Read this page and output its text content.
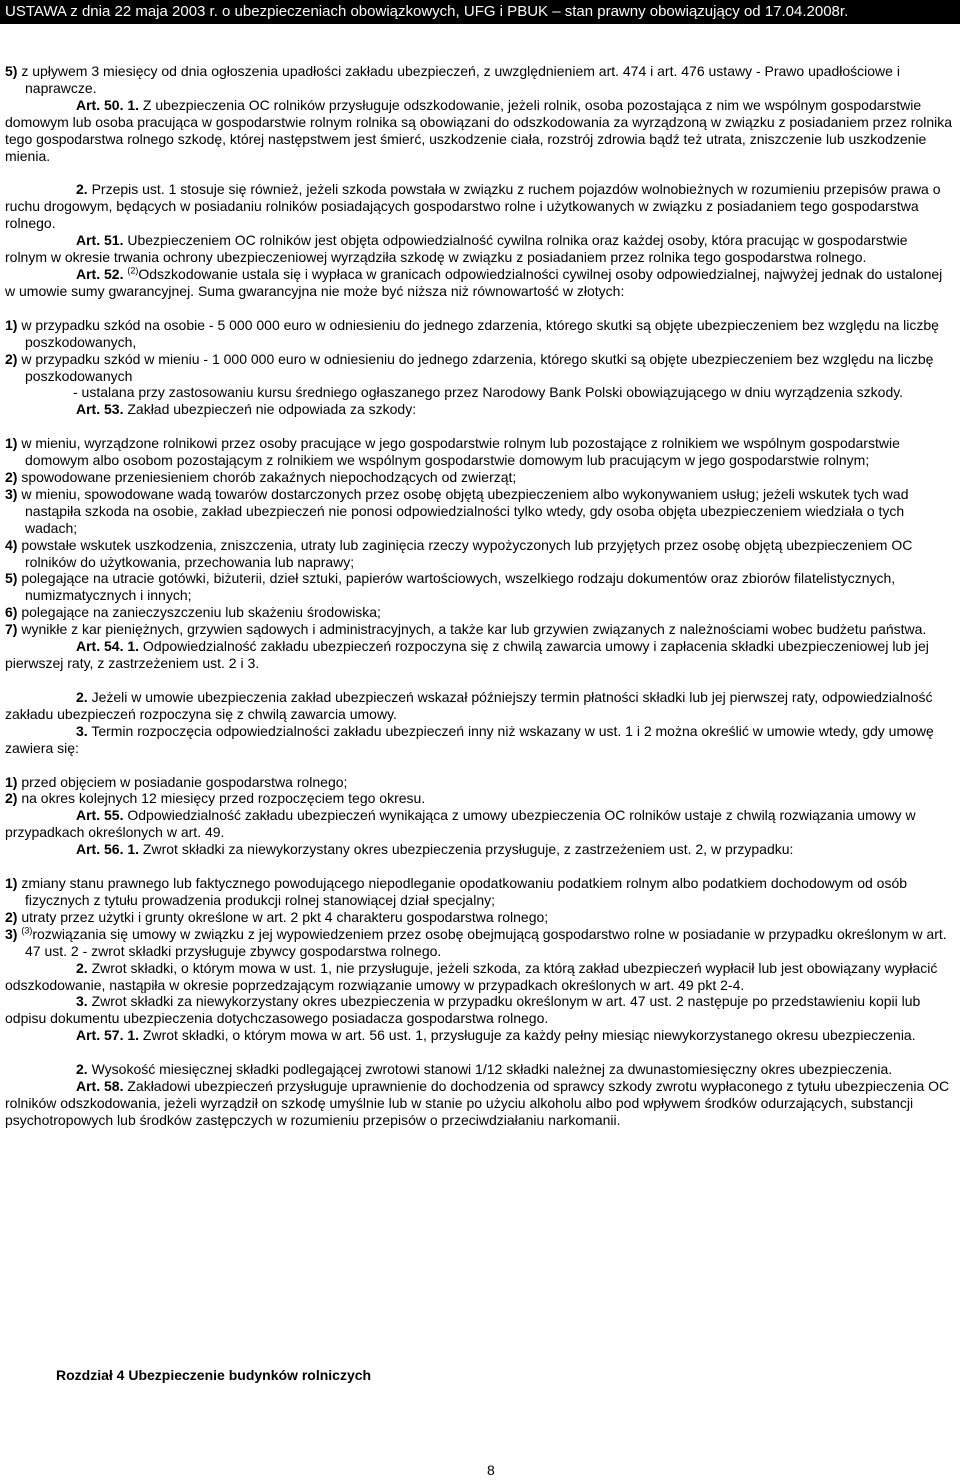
USTAWA z dnia 22 maja 2003 r. o ubezpieczeniach obowiązkowych, UFG i PBUK – stan prawny obowiązujący od 17.04.2008r.

5) z upływem 3 miesięcy od dnia ogłoszenia upadłości zakładu ubezpieczeń, z uwzględnieniem art. 474 i art. 476 ustawy - Prawo upadłościowe i naprawcze.

Art. 50. 1. Z ubezpieczenia OC rolników przysługuje odszkodowanie, jeżeli rolnik, osoba pozostająca z nim we wspólnym gospodarstwie domowym lub osoba pracująca w gospodarstwie rolnym rolnika są obowiązani do odszkodowania za wyrządzoną w związku z posiadaniem przez rolnika tego gospodarstwa rolnego szkodę, której następstwem jest śmierć, uszkodzenie ciała, rozstrój zdrowia bądź też utrata, zniszczenie lub uszkodzenie mienia.

2. Przepis ust. 1 stosuje się również, jeżeli szkoda powstała w związku z ruchem pojazdów wolnobieżnych w rozumieniu przepisów prawa o ruchu drogowym, będących w posiadaniu rolników posiadających gospodarstwo rolne i użytkowanych w związku z posiadaniem tego gospodarstwa rolnego.

Art. 51. Ubezpieczeniem OC rolników jest objęta odpowiedzialność cywilna rolnika oraz każdej osoby, która pracując w gospodarstwie rolnym w okresie trwania ochrony ubezpieczeniowej wyrządziła szkodę w związku z posiadaniem przez rolnika tego gospodarstwa rolnego.

Art. 52. $^{(2)}$Odszkodowanie ustala się i wypłaca w granicach odpowiedzialności cywilnej osoby odpowiedzialnej, najwyżej jednak do ustalonej w umowie sumy gwarancyjnej. Suma gwarancyjna nie może być niższa niż równowartość w złotych:

1) w przypadku szkód na osobie - 5 000 000 euro w odniesieniu do jednego zdarzenia, którego skutki są objęte ubezpieczeniem bez względu na liczbę poszkodowanych,

2) w przypadku szkód w mieniu - 1 000 000 euro w odniesieniu do jednego zdarzenia, którego skutki są objęte ubezpieczeniem bez względu na liczbę poszkodowanych

- ustalana przy zastosowaniu kursu średniego ogłaszanego przez Narodowy Bank Polski obowiązującego w dniu wyrządzenia szkody.

Art. 53. Zakład ubezpieczeń nie odpowiada za szkody:

1) w mieniu, wyrządzone rolnikowi przez osoby pracujące w jego gospodarstwie rolnym lub pozostające z rolnikiem we wspólnym gospodarstwie domowym albo osobom pozostającym z rolnikiem we wspólnym gospodarstwie domowym lub pracującym w jego gospodarstwie rolnym;

2) spowodowane przeniesieniem chorób zakaźnych niepochodzących od zwierząt;

3) w mieniu, spowodowane wadą towarów dostarczonych przez osobę objętą ubezpieczeniem albo wykonywaniem usług; jeżeli wskutek tych wad nastąpiła szkoda na osobie, zakład ubezpieczeń nie ponosi odpowiedzialności tylko wtedy, gdy osoba objęta ubezpieczeniem wiedziała o tych wadach;

4) powstałe wskutek uszkodzenia, zniszczenia, utraty lub zaginięcia rzeczy wypożyczonych lub przyjętych przez osobę objętą ubezpieczeniem OC rolników do użytkowania, przechowania lub naprawy;

5) polegające na utracie gotówki, biżuterii, dzieł sztuki, papierów wartościowych, wszelkiego rodzaju dokumentów oraz zbiorów filatelistycznych, numizmatycznych i innych;

6) polegające na zanieczyszczeniu lub skażeniu środowiska;

7) wynikłe z kar pieniężnych, grzywien sądowych i administracyjnych, a także kar lub grzywien związanych z należnościami wobec budżetu państwa.

Art. 54. 1. Odpowiedzialność zakładu ubezpieczeń rozpoczyna się z chwilą zawarcia umowy i zapłacenia składki ubezpieczeniowej lub jej pierwszej raty, z zastrzeżeniem ust. 2 i 3.

2. Jeżeli w umowie ubezpieczenia zakład ubezpieczeń wskazał późniejszy termin płatności składki lub jej pierwszej raty, odpowiedzialność zakładu ubezpieczeń rozpoczyna się z chwilą zawarcia umowy.

3. Termin rozpoczęcia odpowiedzialności zakładu ubezpieczeń inny niż wskazany w ust. 1 i 2 można określić w umowie wtedy, gdy umowę zawiera się:

1) przed objęciem w posiadanie gospodarstwa rolnego;

2) na okres kolejnych 12 miesięcy przed rozpoczęciem tego okresu.

Art. 55. Odpowiedzialność zakładu ubezpieczeń wynikająca z umowy ubezpieczenia OC rolników ustaje z chwilą rozwiązania umowy w przypadkach określonych w art. 49.

Art. 56. 1. Zwrot składki za niewykorzystany okres ubezpieczenia przysługuje, z zastrzeżeniem ust. 2, w przypadku:

1) zmiany stanu prawnego lub faktycznego powodującego niepodleganie opodatkowaniu podatkiem rolnym albo podatkiem dochodowym od osób fizycznych z tytułu prowadzenia produkcji rolnej stanowiącej dział specjalny;

2) utraty przez użytki i grunty określone w art. 2 pkt 4 charakteru gospodarstwa rolnego;

3) $^{(3)}$rozwiązania się umowy w związku z jej wypowiedzeniem przez osobę obejmującą gospodarstwo rolne w posiadanie w przypadku określonym w art. 47 ust. 2 - zwrot składki przysługuje zbywcy gospodarstwa rolnego.

2. Zwrot składki, o którym mowa w ust. 1, nie przysługuje, jeżeli szkoda, za którą zakład ubezpieczeń wypłacił lub jest obowiązany wypłacić odszkodowanie, nastąpiła w okresie poprzedzającym rozwiązanie umowy w przypadkach określonych w art. 49 pkt 2-4.

3. Zwrot składki za niewykorzystany okres ubezpieczenia w przypadku określonym w art. 47 ust. 2 następuje po przedstawieniu kopii lub odpisu dokumentu ubezpieczenia dotychczasowego posiadacza gospodarstwa rolnego.

Art. 57. 1. Zwrot składki, o którym mowa w art. 56 ust. 1, przysługuje za każdy pełny miesiąc niewykorzystanego okresu ubezpieczenia.

2. Wysokość miesięcznej składki podlegającej zwrotowi stanowi 1/12 składki należnej za dwunastomiesięczny okres ubezpieczenia.

Art. 58. Zakładowi ubezpieczeń przysługuje uprawnienie do dochodzenia od sprawcy szkody zwrotu wypłaconego z tytułu ubezpieczenia OC rolników odszkodowania, jeżeli wyrządził on szkodę umyślnie lub w stanie po użyciu alkoholu albo pod wpływem środków odurzających, substancji psychotropowych lub środków zastępczych w rozumieniu przepisów o przeciwdziałaniu narkomanii.

Rozdział 4 Ubezpieczenie budynków rolniczych
8
